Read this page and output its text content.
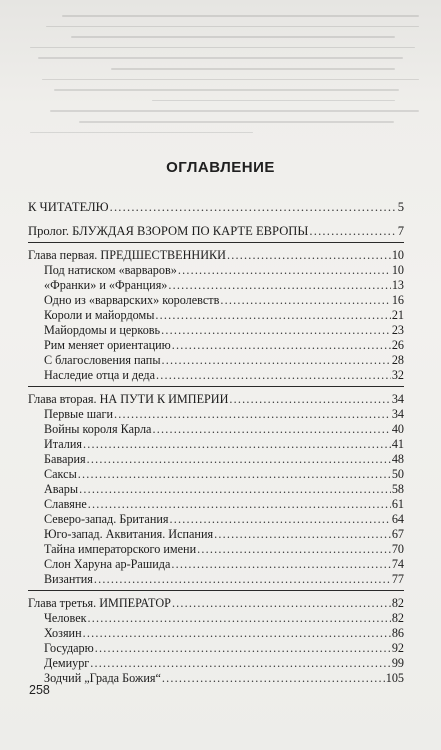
ОГЛАВЛЕНИЕ
К ЧИТАТЕЛЮ .....	5
Пролог. БЛУЖДАЯ ВЗОРОМ ПО КАРТЕ ЕВРОПЫ .....	7
Глава первая. ПРЕДШЕСТВЕННИКИ .....	10
Под натиском «варваров» .....	10
«Франки» и «Франция» .....	13
Одно из «варварских» королевств .....	16
Короли и майордомы .....	21
Майордомы и церковь .....	23
Рим меняет ориентацию .....	26
С благословения папы .....	28
Наследие отца и деда .....	32
Глава вторая. НА ПУТИ К ИМПЕРИИ .....	34
Первые шаги .....	34
Войны короля Карла .....	40
Италия .....	41
Бавария .....	48
Саксы .....	50
Авары .....	58
Славяне .....	61
Северо-запад. Британия .....	64
Юго-запад. Аквитания. Испания .....	67
Тайна императорского имени .....	70
Слон Харуна ар-Рашида .....	74
Византия .....	77
Глава третья. ИМПЕРАТОР .....	82
Человек .....	82
Хозяин .....	86
Государю .....	92
Демиург .....	99
Зодчий „Града Божия“ .....	105
258
